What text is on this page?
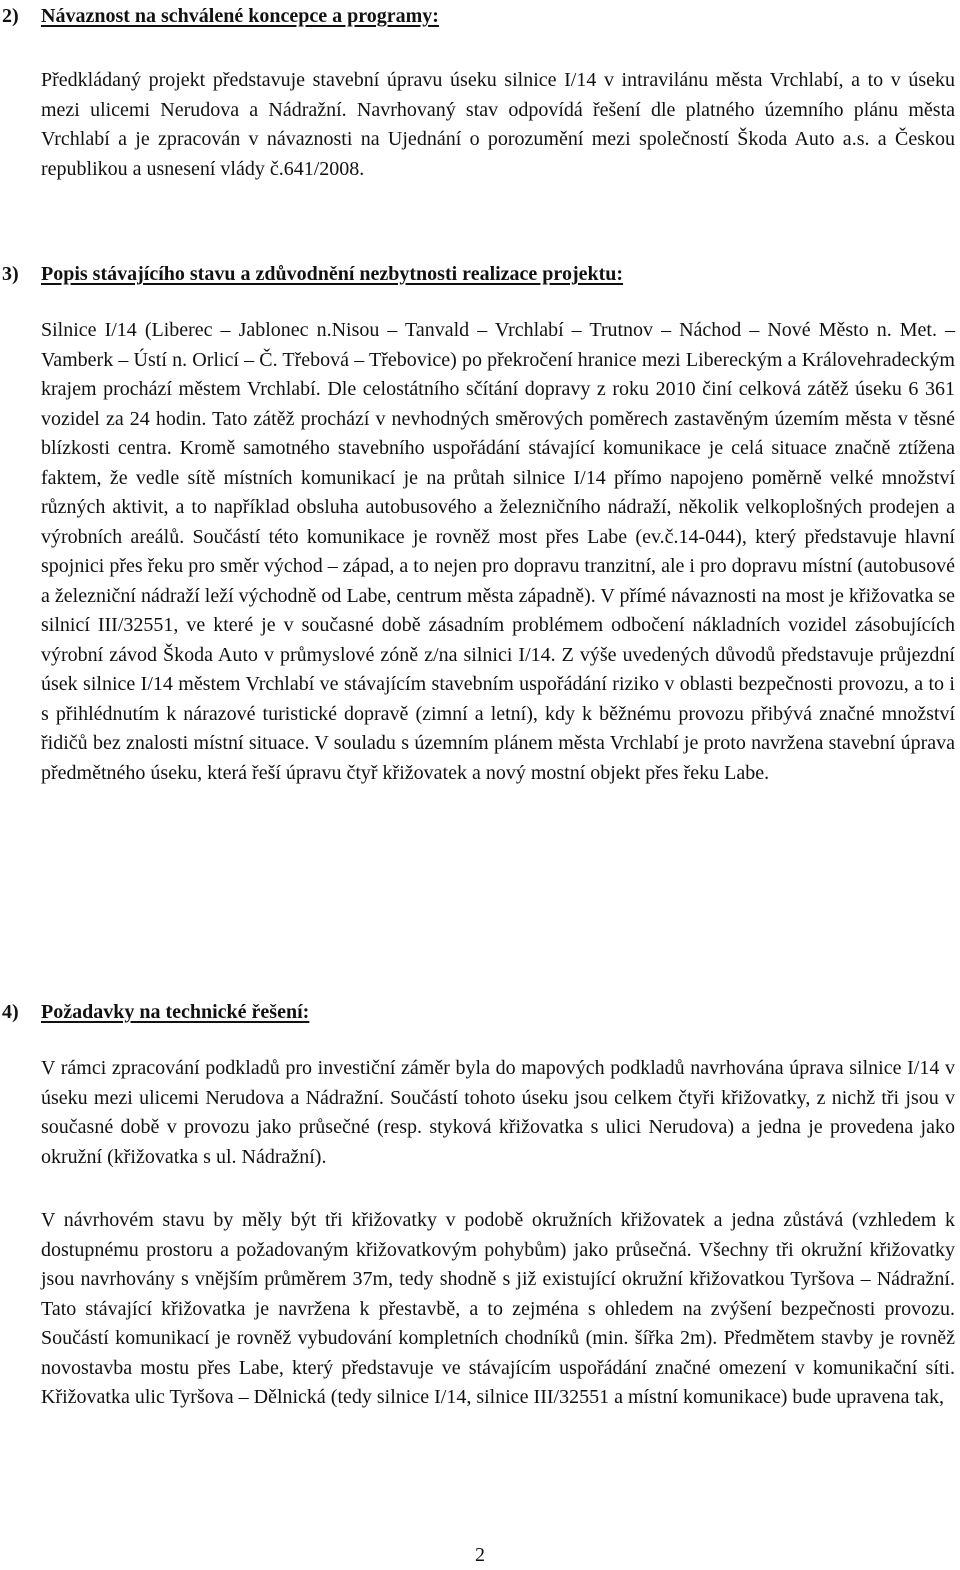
2) Návaznost na schválené koncepce a programy:
Předkládaný projekt představuje stavební úpravu úseku silnice I/14 v intravilánu města Vrchlabí, a to v úseku mezi ulicemi Nerudova a Nádražní. Navrhovaný stav odpovídá řešení dle platného územního plánu města Vrchlabí a je zpracován v návaznosti na Ujednání o porozumění mezi společností Škoda Auto a.s. a Českou republikou a usnesení vlády č.641/2008.
3) Popis stávajícího stavu a zdůvodnění nezbytnosti realizace projektu:
Silnice I/14 (Liberec – Jablonec n.Nisou – Tanvald – Vrchlabí – Trutnov – Náchod – Nové Město n. Met. – Vamberk – Ústí n. Orlicí – Č. Třebová – Třebovice) po překročení hranice mezi Libereckým a Královehradeckým krajem prochází městem Vrchlabí. Dle celostátního sčítání dopravy z roku 2010 činí celková zátěž úseku 6 361 vozidel za 24 hodin. Tato zátěž prochází v nevhodných směrových poměrech zastavěným územím města v těsné blízkosti centra. Kromě samotného stavebního uspořádání stávající komunikace je celá situace značně ztížena faktem, že vedle sítě místních komunikací je na průtah silnice I/14 přímo napojeno poměrně velké množství různých aktivit, a to například obsluha autobusového a železničního nádraží, několik velkoplošných prodejen a výrobních areálů. Součástí této komunikace je rovněž most přes Labe (ev.č.14-044), který představuje hlavní spojnici přes řeku pro směr východ – západ, a to nejen pro dopravu tranzitní, ale i pro dopravu místní (autobusové a železniční nádraží leží východně od Labe, centrum města západně). V přímé návaznosti na most je křižovatka se silnicí III/32551, ve které je v současné době zásadním problémem odbočení nákladních vozidel zásobujících výrobní závod Škoda Auto v průmyslové zóně z/na silnici I/14. Z výše uvedených důvodů představuje průjezdní úsek silnice I/14 městem Vrchlabí ve stávajícím stavebním uspořádání riziko v oblasti bezpečnosti provozu, a to i s přihlédnutím k nárazové turistické dopravě (zimní a letní), kdy k běžnému provozu přibývá značné množství řidičů bez znalosti místní situace. V souladu s územním plánem města Vrchlabí je proto navržena stavební úprava předmětného úseku, která řeší úpravu čtyř křižovatek a nový mostní objekt přes řeku Labe.
4) Požadavky na technické řešení:
V rámci zpracování podkladů pro investiční záměr byla do mapových podkladů navrhována úprava silnice I/14 v úseku mezi ulicemi Nerudova a Nádražní. Součástí tohoto úseku jsou celkem čtyři křižovatky, z nichž tři jsou v současné době v provozu jako průsečné (resp. styková křižovatka s ulici Nerudova) a jedna je provedena jako okružní (křižovatka s ul. Nádražní).
V návrhovém stavu by měly být tři křižovatky v podobě okružních křižovatek a jedna zůstává (vzhledem k dostupnému prostoru a požadovaným křižovatkovým pohybům) jako průsečná. Všechny tři okružní křižovatky jsou navrhovány s vnějším průměrem 37m, tedy shodně s již existující okružní křižovatkou Tyršova – Nádražní. Tato stávající křižovatka je navržena k přestavbě, a to zejména s ohledem na zvýšení bezpečnosti provozu. Součástí komunikací je rovněž vybudování kompletních chodníků (min. šířka 2m). Předmětem stavby je rovněž novostavba mostu přes Labe, který představuje ve stávajícím uspořádání značné omezení v komunikační síti. Křižovatka ulic Tyršova – Dělnická (tedy silnice I/14, silnice III/32551 a místní komunikace) bude upravena tak,
2
